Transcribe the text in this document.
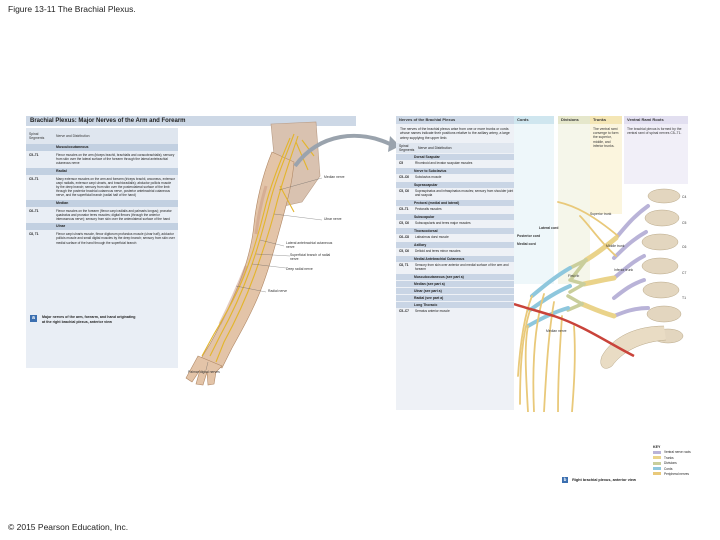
Figure 13-11 The Brachial Plexus.
Brachial Plexus: Major Nerves of the Arm and Forearm
Spinal Segments	Nerve and Distribution
Musculocutaneous
C5–T1	Flexor muscles on the arm (biceps brachii, brachialis and coracobrachialis); sensory from skin over the lateral surface of the forearm through the lateral antebrachial cutaneous nerve
Radial
C5–T1	Many extensor muscles on the arm and forearm (triceps brachii, anconeus, extensor carpi radialis, extensor carpi ulnaris, and brachioradialis); abductor pollicis muscle by the deep branch; sensory from skin over the posterolateral surface of the limb through the posterior brachial cutaneous nerve, posterior antebrachial cutaneous nerve, and the superficial branch (radial half of the hand)
Median
C6–T1	Flexor muscles on the forearm (flexor carpi radialis and palmaris longus); pronator quadratus and pronator teres muscles; digital flexors (through the anterior interosseous nerve); sensory from skin over the anterolateral surface of the hand
Ulnar
C8, T1	Flexor carpi ulnaris muscle, flexor digitorum profundus muscle (ulnar half), adductor pollicis muscle and small digital muscles by the deep branch; sensory from skin over medial surface of the hand through the superficial branch
a	Major nerves of the arm, forearm, and hand originating at the right brachial plexus, anterior view
Median nerve
Ulnar nerve
Lateral antebrachial cutaneous nerve
Superficial branch of radial nerve
Deep radial nerve
Radial nerve
Palmar digital nerves
Nerves of the Brachial Plexus	Cords	Divisions	Trunks	Ventral Rami Roots
The ventral rami converge to form the superior, middle, and inferior trunks.
The brachial plexus is formed by the ventral rami of spinal nerves C5–T1.
The nerves of the brachial plexus arise from one or more trunks or cords whose names indicate their positions relative to the axillary artery, a large artery supplying the upper limb.
Spinal Segments	Nerve and Distribution
Dorsal Scapular
C5	Rhomboid and levator scapulae muscles
Nerve to Subclavius
C5–C6	Subclavius muscle
Suprascapular
C5, C6	Supraspinatus and infraspinatus muscles; sensory from shoulder joint and scapula
Pectoral (medial and lateral)
C5–T1	Pectoralis muscles
Subscapular
C5, C6	Subscapularis and teres major muscles
Thoracodorsal
C6–C8	Latissimus dorsi muscle
Axillary
C5, C6	Deltoid and teres minor muscles
Medial Antebrachial Cutaneous
C8, T1	Sensory from skin over anterior and medial surface of the arm and forearm
Musculocutaneous (see part a)
Median (see part a)
Ulnar (see part a)
Radial (see part a)
Long Thoracic
C5–C7	Serratus anterior muscle
Lateral cord
Posterior cord
Medial cord
Superior trunk
Middle trunk
Inferior trunk
First rib
Median nerve
C4
C5
C6
C7
T1
KEY
Ventral nerve roots
Trunks
Divisions
Cords
Peripheral nerves
b Right brachial plexus, anterior view
© 2015 Pearson Education, Inc.
